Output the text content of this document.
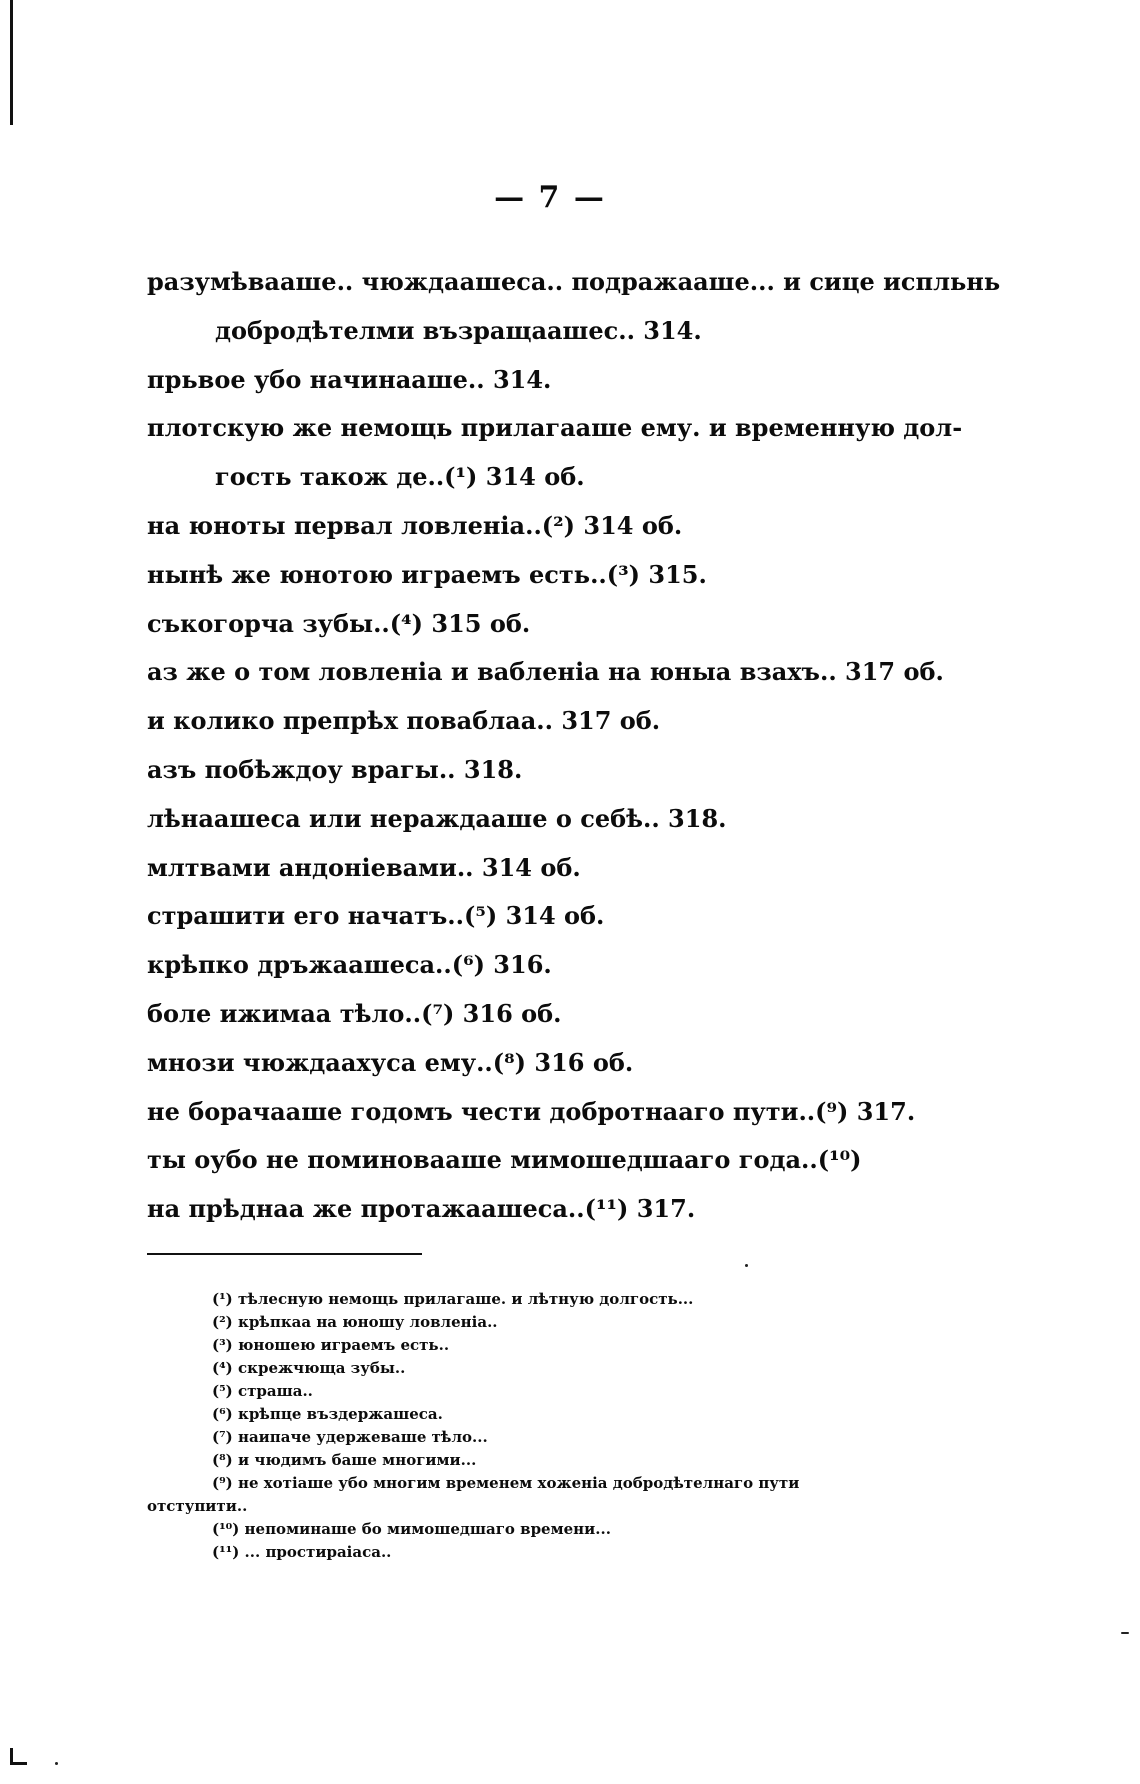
— 7 —
разумѣвааше.. чюждаашеса.. подражааше... и сице испльнь
добродѣтелми възращаашеc.. 314.
прьвое убо начинааше.. 314.
плотскую же немощь прилагааше ему. и временную дол-
гость також де..(¹) 314 об.
на юноты первал ловленіа..(²) 314 об.
нынѣ же юнотою играемъ есть..(³) 315.
съкогорча зубы..(⁴) 315 об.
аз же о том ловленіа и вабленіа на юныа взахъ.. 317 об.
и колико препрѣх поваблаа.. 317 об.
азъ побѣждоу врагы.. 318.
лѣнаашеса или нераждааше о себѣ.. 318.
млтвами андоніевами.. 314 об.
страшити его начатъ..(⁵) 314 об.
крѣпко дръжаашеса..(⁶) 316.
боле ижимаа тѣло..(⁷) 316 об.
мнози чюждаахуса ему..(⁸) 316 об.
не борачааше годомъ чести добротнаагo пути..(⁹) 317.
ты оубо не поминоваaше мимошедшаагo года..(¹⁰)
на прѣднаа же протажаашеса..(¹¹) 317.
(¹) тѣлесную немощь прилагаше. и лѣтную долгость...
(²) крѣпкаа на юношу ловленіа..
(³) юношею играемъ есть..
(⁴) скрежчюща зубы..
(⁵) страша..
(⁶) крѣпце въздержашеса.
(⁷) наипаче удержеваше тѣло...
(⁸) и чюдимъ баше многими...
(⁹) не хотiаше убо многим временем хоженіа добродѣтелнаго пути
отступити..
(¹⁰) непоминаше бо мимошедшаго времени...
(¹¹) ... простираiаса..
